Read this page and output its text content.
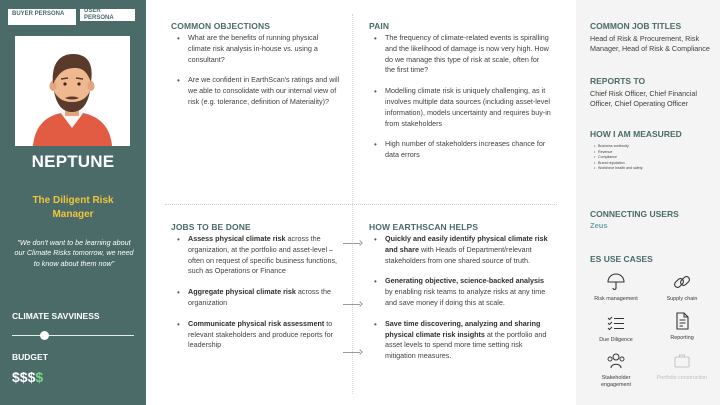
BUYER PERSONA	USER PERSONA
NEPTUNE
The Diligent Risk Manager
"We don't want to be learning about our Climate Risks tomorrow, we need to know about them now"
CLIMATE SAVVINESS
BUDGET
$$$$
COMMON OBJECTIONS
• What are the benefits of running physical climate risk analysis in-house vs. using a consultant?
• Are we confident in EarthScan's ratings and will we able to consolidate with our internal view of risk (e.g. tolerance, definition of Materiality)?
PAIN
• The frequency of climate-related events is spiralling and the likelihood of damage is now very high. How do we manage this type of risk at scale, often for the first time?
• Modelling climate risk is uniquely challenging, as it involves multiple data sources (including asset-level information), models uncertainty and requires buy-in from stakeholders
• High number of stakeholders increases chance for data errors
JOBS TO BE DONE
• Assess physical climate risk across the organization, at the portfolio and asset-level – often on request of specific business functions, such as Operations or Finance
• Aggregate physical climate risk across the organization
• Communicate physical risk assessment to relevant stakeholders and produce reports for leadership
HOW EARTHSCAN HELPS
• Quickly and easily identify physical climate risk and share with Heads of Department/relevant stakeholders from one shared source of truth.
• Generating objective, science-backed analysis by enabling risk teams to analyze risks at any time and save money if doing this at scale.
• Save time discovering, analyzing and sharing physical climate risk insights at the portfolio and asset levels to spend more time setting risk mitigation measures.
COMMON JOB TITLES
Head of Risk & Procurement, Risk Manager, Head of Risk & Compliance
REPORTS TO
Chief Risk Officer, Chief Financial Officer, Chief Operating Officer
HOW I AM MEASURED
• Business continuity
• Revenue
• Compliance
• Brand reputation
• Workforce health and safety
CONNECTING USERS
Zeus
ES USE CASES
Risk management	Supply chain
Due Diligence	Reporting
Stakeholder engagement
Portfolio construction
